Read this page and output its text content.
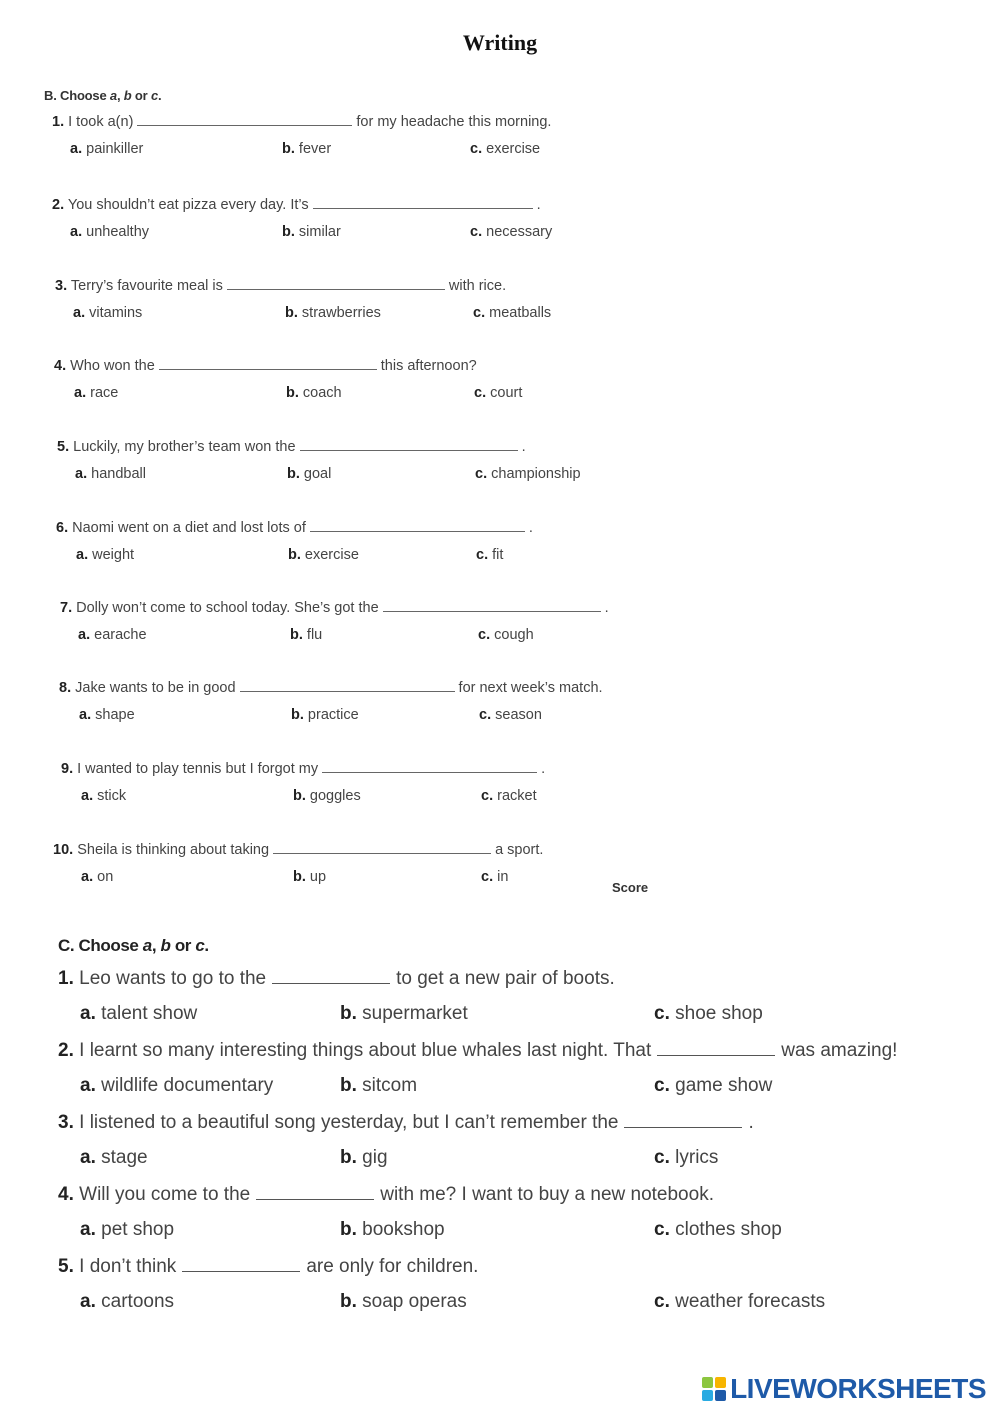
Writing
B. Choose a, b or c.
1. I took a(n)	for my headache this morning.
a. painkiller	b. fever	c. exercise
2. You shouldn’t eat pizza every day. It’s	.
a. unhealthy	b. similar	c. necessary
3. Terry’s favourite meal is	with rice.
a. vitamins	b. strawberries	c. meatballs
4. Who won the	this afternoon?
a. race	b. coach	c. court
5. Luckily, my brother’s team won the	.
a. handball	b. goal	c. championship
6. Naomi went on a diet and lost lots of	.
a. weight	b. exercise	c. fit
7. Dolly won’t come to school today. She’s got the	.
a. earache	b. flu	c. cough
8. Jake wants to be in good	for next week’s match.
a. shape	b. practice	c. season
9. I wanted to play tennis but I forgot my	.
a. stick	b. goggles	c. racket
10. Sheila is thinking about taking	a sport.
a. on	b. up	c. in
Score
C. Choose a, b or c.
1. Leo wants to go to the	to get a new pair of boots.
a. talent show	b. supermarket	c. shoe shop
2. I learnt so many interesting things about blue whales last night. That	was amazing!
a. wildlife documentary	b. sitcom	c. game show
3. I listened to a beautiful song yesterday, but I can’t remember the	.
a. stage	b. gig	c. lyrics
4. Will you come to the	with me? I want to buy a new notebook.
a. pet shop	b. bookshop	c. clothes shop
5. I don’t think	are only for children.
a. cartoons	b. soap operas	c. weather forecasts
LIVEWORKSHEETS
